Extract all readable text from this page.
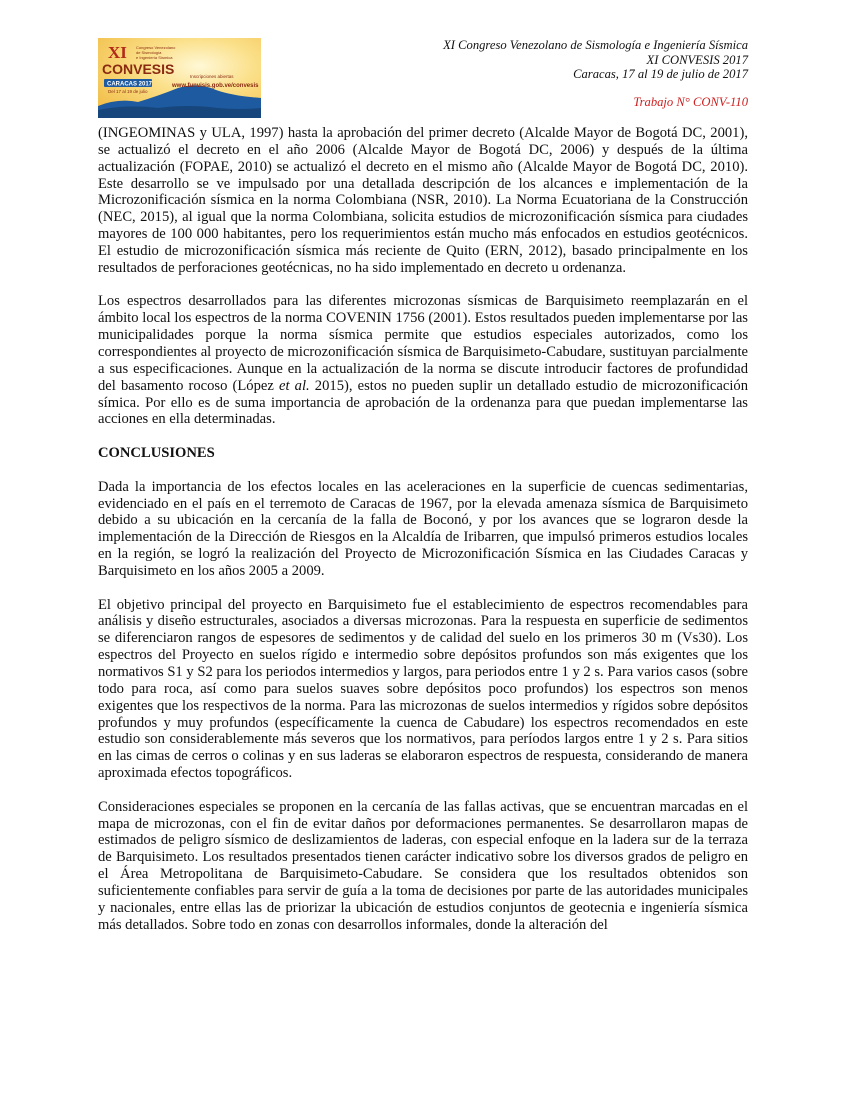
XI
CONVESIS
Congreso Venezolano
de Sismología
e Ingeniería Sísmica
CARACAS 2017
Del 17 al 19 de julio
Inscripciones abiertas
www.funvisis.gob.ve/convesis
XI Congreso Venezolano de Sismología e Ingeniería Sísmica
XI CONVESIS 2017
Caracas, 17 al 19 de julio de 2017
Trabajo N° CONV-110

(INGEOMINAS y ULA, 1997) hasta la aprobación del primer decreto (Alcalde Mayor de Bogotá DC, 2001), se actualizó el decreto en el año 2006 (Alcalde Mayor de Bogotá DC, 2006) y después de la última actualización (FOPAE, 2010) se actualizó el decreto en el mismo año (Alcalde Mayor de Bogotá DC, 2010). Este desarrollo se ve impulsado por una detallada descripción de los alcances e implementación de la Microzonificación sísmica en la norma Colombiana (NSR, 2010). La Norma Ecuatoriana de la Construcción (NEC, 2015), al igual que la norma Colombiana, solicita estudios de microzonificación sísmica para ciudades mayores de 100 000 habitantes, pero los requerimientos están mucho más enfocados en estudios geotécnicos. El estudio de microzonificación sísmica más reciente de Quito (ERN, 2012), basado principalmente en los resultados de perforaciones geotécnicas, no ha sido implementado en decreto u ordenanza.

Los espectros desarrollados para las diferentes microzonas sísmicas de Barquisimeto reemplazarán en el ámbito local los espectros de la norma COVENIN 1756 (2001). Estos resultados pueden implementarse por las municipalidades porque la norma sísmica permite que estudios especiales autorizados, como los correspondientes al proyecto de microzonificación sísmica de Barquisimeto-Cabudare, sustituyan parcialmente a sus especificaciones. Aunque en la actualización de la norma se discute introducir factores de profundidad del basamento rocoso (López et al. 2015), estos no pueden suplir un detallado estudio de microzonificación símica. Por ello es de suma importancia de aprobación de la ordenanza para que puedan implementarse las acciones en ella determinadas.

CONCLUSIONES

Dada la importancia de los efectos locales en las aceleraciones en la superficie de cuencas sedimentarias, evidenciado en el país en el terremoto de Caracas de 1967, por la elevada amenaza sísmica de Barquisimeto debido a su ubicación en la cercanía de la falla de Boconó, y por los avances que se lograron desde la implementación de la Dirección de Riesgos en la Alcaldía de Iribarren, que impulsó primeros estudios locales en la región, se logró la realización del Proyecto de Microzonificación Sísmica en las Ciudades Caracas y Barquisimeto en los años 2005 a 2009.

El objetivo principal del proyecto en Barquisimeto fue el establecimiento de espectros recomendables para análisis y diseño estructurales, asociados a diversas microzonas. Para la respuesta en superficie de sedimentos se diferenciaron rangos de espesores de sedimentos y de calidad del suelo en los primeros 30 m (Vs30). Los espectros del Proyecto en suelos rígido e intermedio sobre depósitos profundos son más exigentes que los normativos S1 y S2 para los periodos intermedios y largos, para periodos entre 1 y 2 s. Para varios casos (sobre todo para roca, así como para suelos suaves sobre depósitos poco profundos) los espectros son menos exigentes que los respectivos de la norma. Para las microzonas de suelos intermedios y rígidos sobre depósitos profundos y muy profundos (específicamente la cuenca de Cabudare) los espectros recomendados en este estudio son considerablemente más severos que los normativos, para períodos largos entre 1 y 2 s. Para sitios en las cimas de cerros o colinas y en sus laderas se elaboraron espectros de respuesta, considerando de manera aproximada efectos topográficos.

Consideraciones especiales se proponen en la cercanía de las fallas activas, que se encuentran marcadas en el mapa de microzonas, con el fin de evitar daños por deformaciones permanentes. Se desarrollaron mapas de estimados de peligro sísmico de deslizamientos de laderas, con especial enfoque en la ladera sur de la terraza de Barquisimeto. Los resultados presentados tienen carácter indicativo sobre los diversos grados de peligro en el Área Metropolitana de Barquisimeto-Cabudare. Se considera que los resultados obtenidos son suficientemente confiables para servir de guía a la toma de decisiones por parte de las autoridades municipales y nacionales, entre ellas las de priorizar la ubicación de estudios conjuntos de geotecnia e ingeniería sísmica más detallados. Sobre todo en zonas con desarrollos informales, donde la alteración del
